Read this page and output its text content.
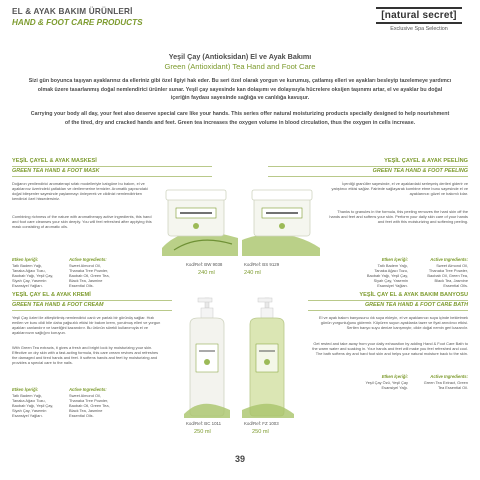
EL & AYAK BAKIM ÜRÜNLERİ
HAND & FOOT CARE PRODUCTS
[natural secret]
Exclusive Spa Selection
Yeşil Çay (Antioksidan) El ve Ayak Bakımı
Green (Antioxidant) Tea Hand and Foot Care
Sizi gün boyunca taşıyan ayaklarınız da elleriniz gibi özel ilgiyi hak eder. Bu seri özel olarak yorgun ve kurumuş, çatlamış elleri ve ayakları besleyip tazelemeye yardımcı olmak üzere tasarlanmış doğal nemlendirici ürünler sunar. Yeşil çay sayesinde kan dolaşımı ve dolayısıyla hücrelere oksijen taşınımı artar, el ve ayaklar bu doğal içeriğin faydası sayesinde sağlığa ve canlılığa kavuşur.
Carrying your body all day, your feet also deserve special care like your hands. This series offer natural moisturizing products specially designed to help nourishment of the tired, dry and cracked hands and feet. Green tea increases the oxygen volume in blood circulation, thus the oxygen in cells increase.
YEŞİL ÇAYEL & AYAK MASKESİ
GREEN TEA HAND & FOOT MASK
Doğanın yenilendirici aromaterapi sıfatı modelleriyle katıgüne bu bakım, el ve ayaklarınız üzerindeki çatlakları ve derilermerine temizler. Aromatik yapısındaki doğal bileşenler sayesinde yaşlanmayı önleyerek ve cildinizi nemlendirirken kendinizi özel hissedersiniz.
Combining richness of the nature with aromatherapy active ingredients, this hand and foot care cleanses your skin deeply. You will feel refreshed after applying this mask consisting of aromatic oils.
Etken İçeriği:
Tatlı Badem Yağı,
Tanaka Ağacı Tozu,
Baobab Yağı, Yeşil Çay,
Siyah Çay, Yasemin
Esansiyel Yağları.
Active Ingredients:
Sweet Almond Oil,
Thanaka Tree Powder,
Baobab Oil, Green Tea,
Black Tea, Jasmine
Essential Oils.
Kod/Ref: BW 9038
240 ml
YEŞİL ÇAYEL & AYAK PEELİNG
GREEN TEA HAND & FOOT PEELING
İçerdiği granüller sayesinde, el ve ayaklardaki serleşmiş derileri giderir ve yatıştırıcı etkisi sağlar. Fairiede sağlayarak kombine etme bunu sayesinde el ve ayaklarınızı güzel ve bakımlı kılar.
Thanks to granules in the formula, this peeling removes the hard skin off the hands and feet and softens your skin. Perform your daily skin care of your hands and feet with this moisturizing and softening peeling.
Etken İçeriği:
Tatlı Badem Yağı,
Tanaka Ağacı Tozu,
Baobab Yağı, Yeşil Çay,
Siyah Çay, Yasemin
Esansiyel Yağları.
Active Ingredients:
Sweet Almond Oil,
Thanaka Tree Powder,
Baobab Oil, Green Tea,
Black Tea, Jasmine
Essential Oils.
Kod/Ref: BS 9129
240 ml
YEŞİL ÇAY EL & AYAK KREMİ
GREEN TEA HAND & FOOT CREAM
Yeşil Çay özleri ile zitleştirilmiş nemlendirici canlı ve parlak bir görünüş sağlar. Hızlı emilen ve kuru cildi bile daha yağsızlık etkisi bir bakım krem, yorulmuş elleri ve yorgun ayakları canlandırır ve tazeliğini kazandırır. Bu ürünün sürekli kullanımıyla el ve ayaklarınızın sağlığını koruyun.
With Green Tea extracts, it gives a fresh and bright look by moisturizing your skin. Effective on dry skin with a fast-acting formula, this care cream revives and refreshes the damaged and tired hands and feet. It softens hands and feet by moisturizing and provides a special care to the nails.
Etken İçeriği:
Tatlı Badem Yağı,
Tanaka Ağacı Tozu,
Baobab Yağı, Yeşil Çay,
Siyah Çay, Yasemin
Esansiyel Yağları.
Active Ingredients:
Sweet Almond Oil,
Thanaka Tree Powder,
Baobab Oil, Green Tea,
Black Tea, Jasmine
Essential Oils.
Kod/Ref: BC 1011
250 ml
Kod/Ref: FZ 1003
250 ml
YEŞİL ÇAY EL & AYAK BAKIM BANYOSU
GREEN TEA HAND & FOOT CARE BATH
El ve ayak bakım banyosunu ılık suya ekleyin, el ve ayaklarınızı suya içinde bekletmek günün yorgunluğunu gidermir. Köpüren suyun ayaklarda tazer ve fiyat arındırıcı etkisi. Serilen banyo suyu denize karışmıştır, cilde doğal nemin geri kazanılır.
Get rested and take away from your daily exhaustion by adding Hand & Foot Care Bath to the warm water and soaking in. Your hands and feet will make you feel refreshed and cool. The bath softens dry and hard foot skin and helps your natural moisture back to the skin.
Etken İçeriği:
Yeşil Çay Özü, Yeşil Çay
Esansiyel Yağı.
Active Ingredients:
Green Tea Extract, Green
Tea Essential Oil.
39
